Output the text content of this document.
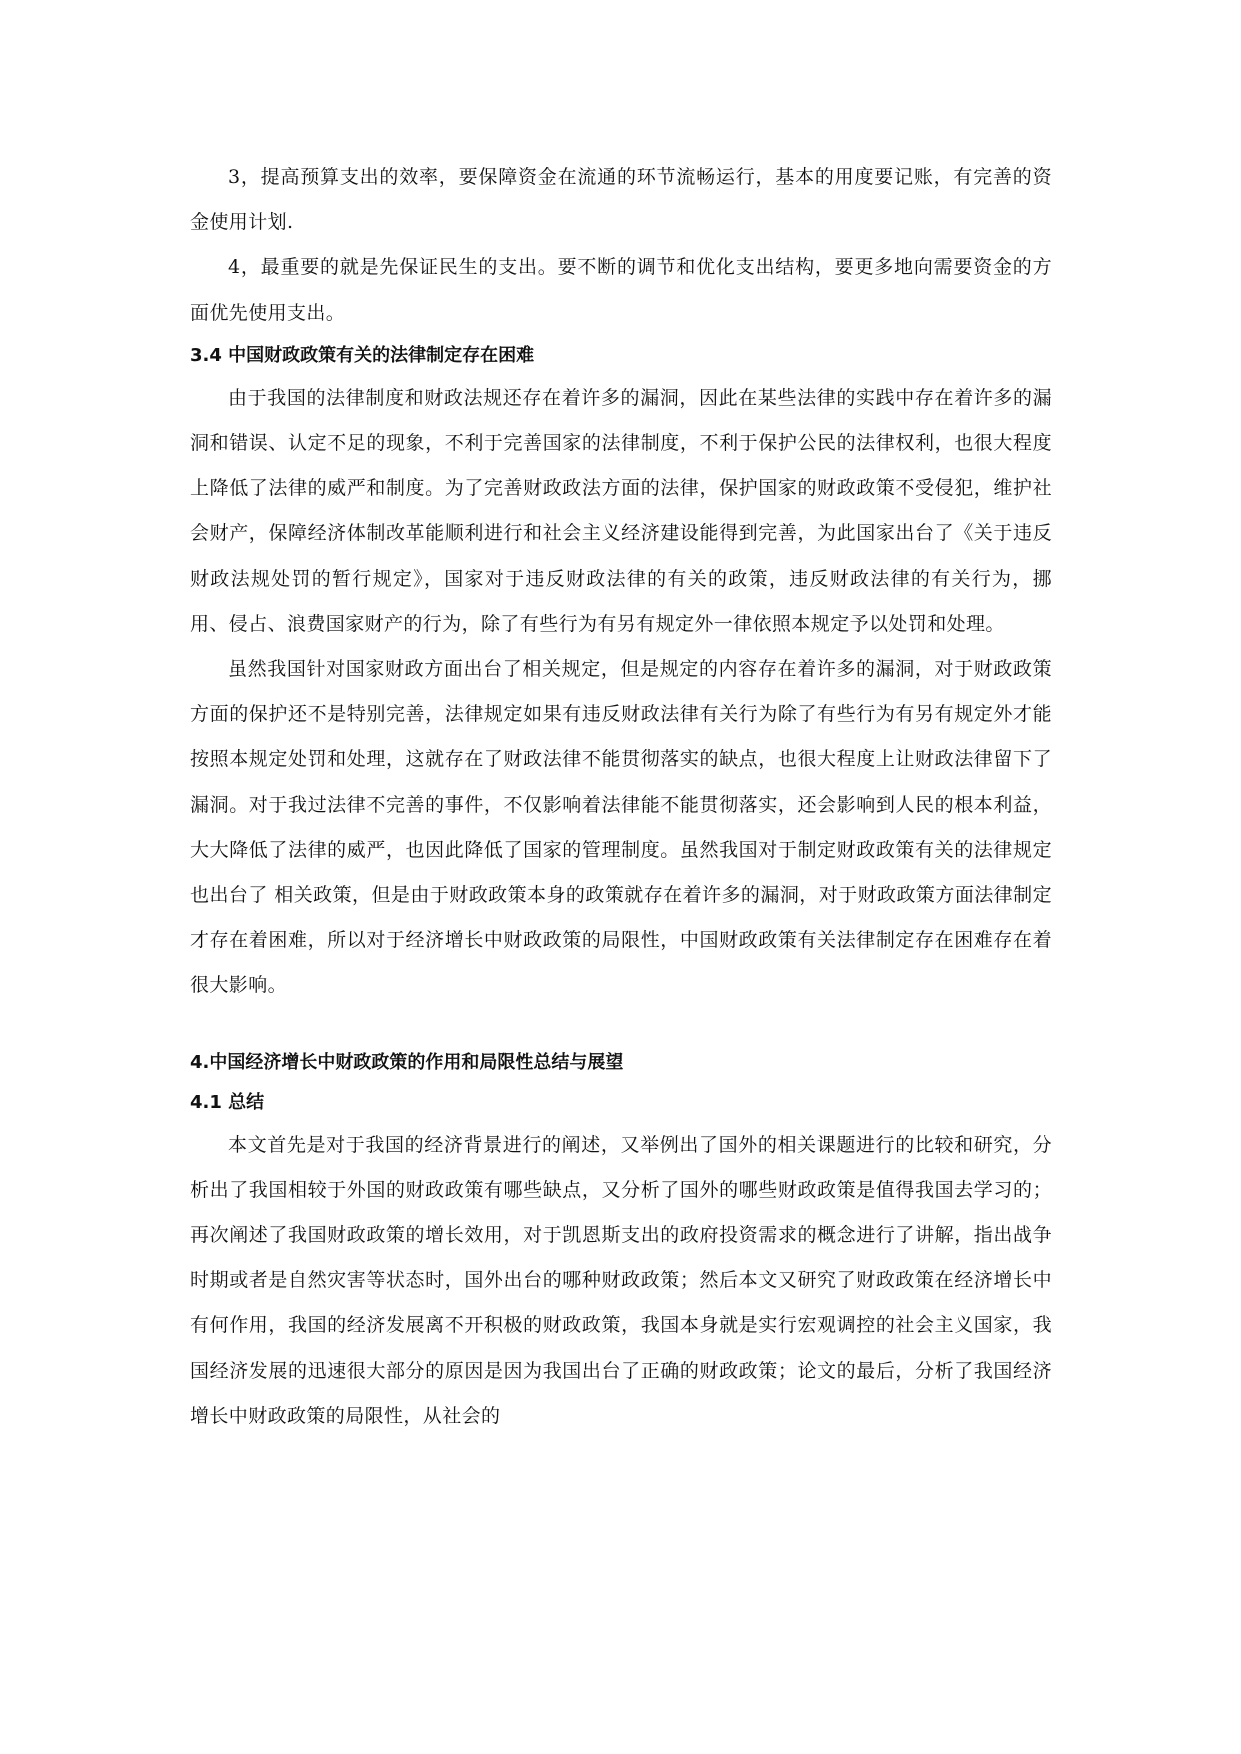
3，提高预算支出的效率，要保障资金在流通的环节流畅运行，基本的用度要记账，有完善的资金使用计划.

4，最重要的就是先保证民生的支出。要不断的调节和优化支出结构，要更多地向需要资金的方面优先使用支出。

3.4 中国财政政策有关的法律制定存在困难

由于我国的法律制度和财政法规还存在着许多的漏洞，因此在某些法律的实践中存在着许多的漏洞和错误、认定不足的现象，不利于完善国家的法律制度，不利于保护公民的法律权利，也很大程度上降低了法律的威严和制度。为了完善财政政法方面的法律，保护国家的财政政策不受侵犯，维护社会财产，保障经济体制改革能顺利进行和社会主义经济建设能得到完善，为此国家出台了《关于违反财政法规处罚的暂行规定》，国家对于违反财政法律的有关的政策，违反财政法律的有关行为，挪用、侵占、浪费国家财产的行为，除了有些行为有另有规定外一律依照本规定予以处罚和处理。

虽然我国针对国家财政方面出台了相关规定，但是规定的内容存在着许多的漏洞，对于财政政策方面的保护还不是特别完善，法律规定如果有违反财政法律有关行为除了有些行为有另有规定外才能按照本规定处罚和处理，这就存在了财政法律不能贯彻落实的缺点，也很大程度上让财政法律留下了漏洞。对于我过法律不完善的事件，不仅影响着法律能不能贯彻落实，还会影响到人民的根本利益，大大降低了法律的威严，也因此降低了国家的管理制度。虽然我国对于制定财政政策有关的法律规定也出台了 相关政策，但是由于财政政策本身的政策就存在着许多的漏洞，对于财政政策方面法律制定才存在着困难，所以对于经济增长中财政政策的局限性，中国财政政策有关法律制定存在困难存在着很大影响。

4.中国经济增长中财政政策的作用和局限性总结与展望
4.1 总结

本文首先是对于我国的经济背景进行的阐述，又举例出了国外的相关课题进行的比较和研究，分析出了我国相较于外国的财政政策有哪些缺点，又分析了国外的哪些财政政策是值得我国去学习的；再次阐述了我国财政政策的增长效用，对于凯恩斯支出的政府投资需求的概念进行了讲解，指出战争时期或者是自然灾害等状态时，国外出台的哪种财政政策；然后本文又研究了财政政策在经济增长中有何作用，我国的经济发展离不开积极的财政政策，我国本身就是实行宏观调控的社会主义国家，我国经济发展的迅速很大部分的原因是因为我国出台了正确的财政政策；论文的最后，分析了我国经济增长中财政政策的局限性，从社会的
